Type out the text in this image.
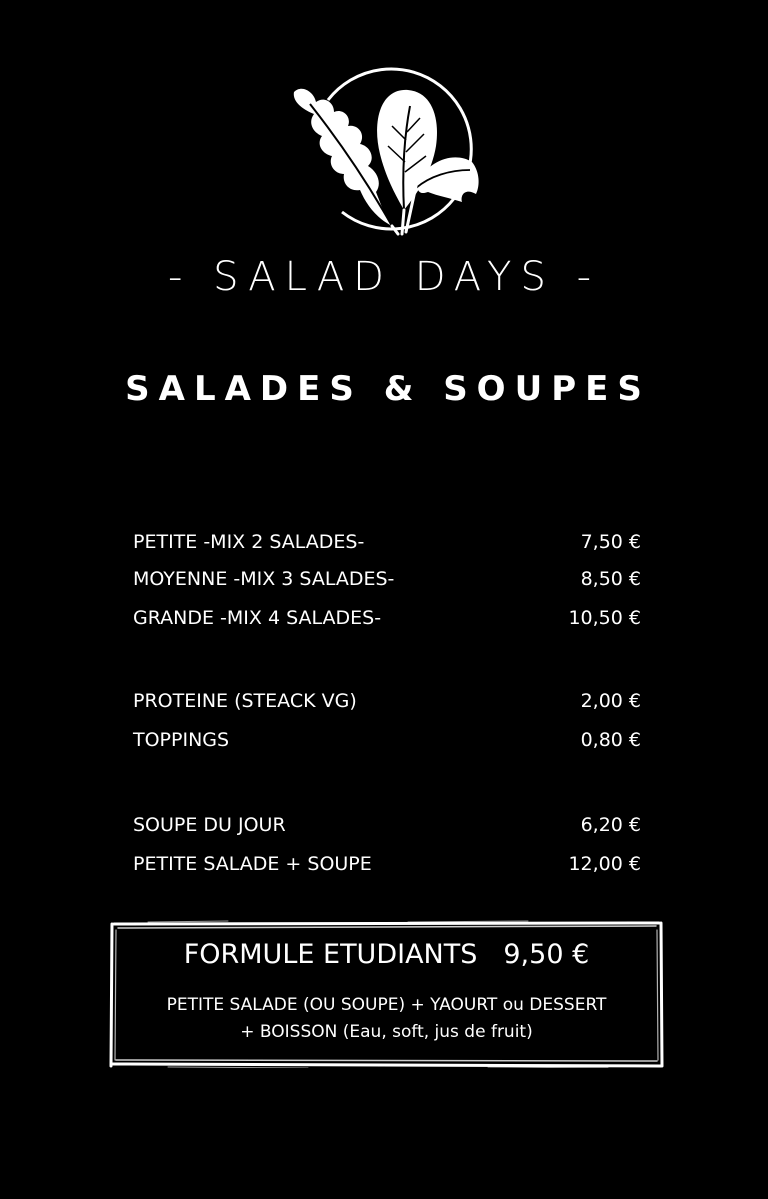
- SALAD DAYS -
SALADES & SOUPES
PETITE -MIX 2 SALADES-	7,50 €
MOYENNE -MIX 3 SALADES-	8,50 €
GRANDE -MIX 4 SALADES-	10,50 €
PROTEINE (STEACK VG)	2,00 €
TOPPINGS	0,80 €
SOUPE DU JOUR	6,20 €
PETITE SALADE + SOUPE	12,00 €
FORMULE ETUDIANTS 9,50 €
PETITE SALADE (OU SOUPE) + YAOURT ou DESSERT
+ BOISSON (Eau, soft, jus de fruit)
